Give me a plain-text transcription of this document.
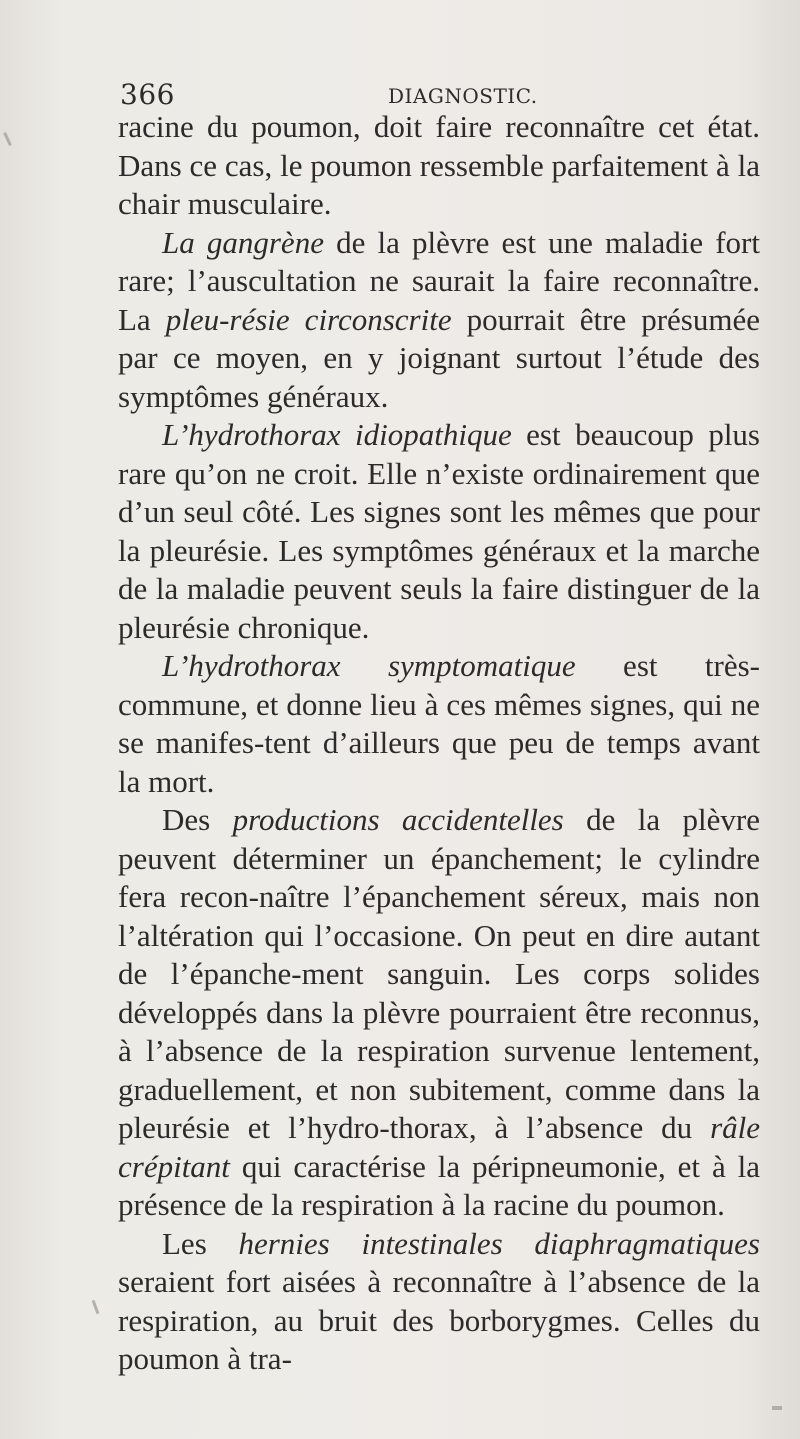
366	DIAGNOSTIC.

racine du poumon, doit faire reconnaître cet état. Dans ce cas, le poumon ressemble parfaitement à la chair musculaire.

La gangrène de la plèvre est une maladie fort rare; l’auscultation ne saurait la faire reconnaître. La pleu-résie circonscrite pourrait être présumée par ce moyen, en y joignant surtout l’étude des symptômes généraux.

L’hydrothorax idiopathique est beaucoup plus rare qu’on ne croit. Elle n’existe ordinairement que d’un seul côté. Les signes sont les mêmes que pour la pleurésie. Les symptômes généraux et la marche de la maladie peuvent seuls la faire distinguer de la pleurésie chronique.

L’hydrothorax symptomatique est très-commune, et donne lieu à ces mêmes signes, qui ne se manifes-tent d’ailleurs que peu de temps avant la mort.

Des productions accidentelles de la plèvre peuvent déterminer un épanchement; le cylindre fera recon-naître l’épanchement séreux, mais non l’altération qui l’occasione. On peut en dire autant de l’épanche-ment sanguin. Les corps solides développés dans la plèvre pourraient être reconnus, à l’absence de la respiration survenue lentement, graduellement, et non subitement, comme dans la pleurésie et l’hydro-thorax, à l’absence du râle crépitant qui caractérise la péripneumonie, et à la présence de la respiration à la racine du poumon.

Les hernies intestinales diaphragmatiques seraient fort aisées à reconnaître à l’absence de la respiration, au bruit des borborygmes. Celles du poumon à tra-
